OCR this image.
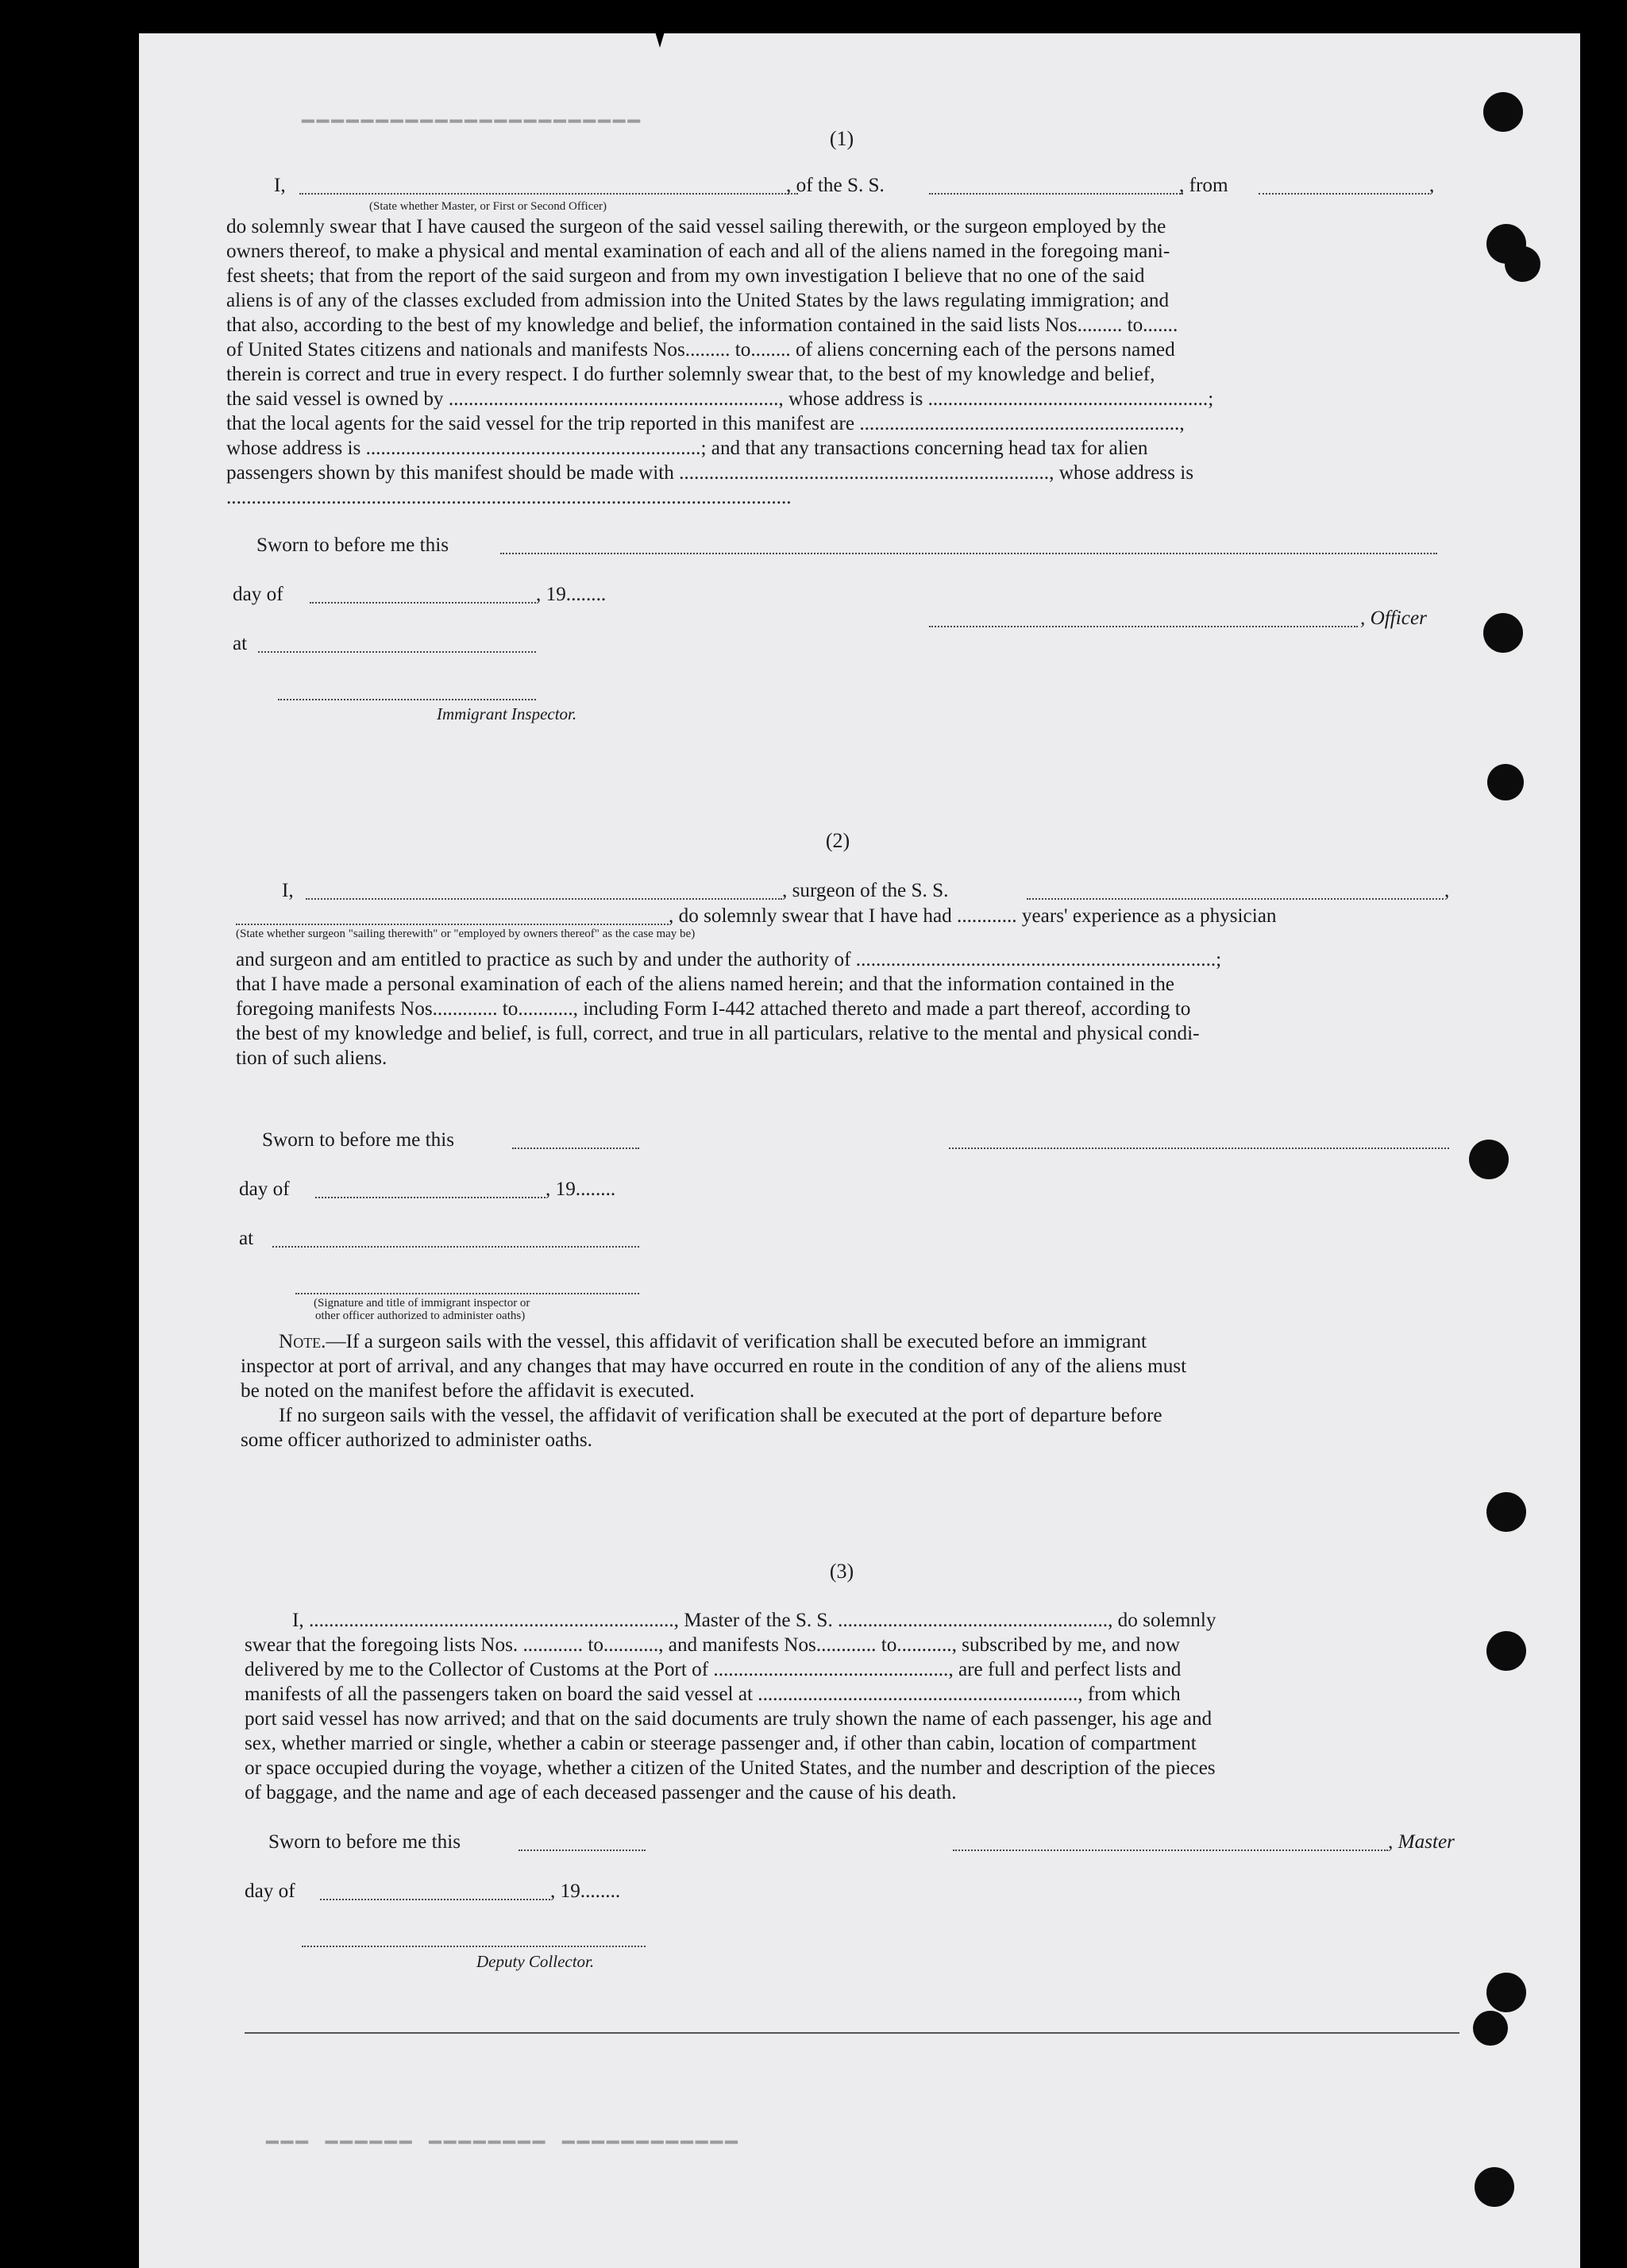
▔▔▔▔▔▔▔▔▔▔▔▔▔▔▔▔▔▔▔▔▔▔▔
▔▔▔ ▔▔▔▔▔▔ ▔▔▔▔▔▔▔▔ ▔▔▔▔▔▔▔▔▔▔▔▔
(1)
I,	, of the S. S.	, from	,
(State whether Master, or First or Second Officer)
do solemnly swear that I have caused the surgeon of the said vessel sailing therewith, or the surgeon employed by the
owners thereof, to make a physical and mental examination of each and all of the aliens named in the foregoing mani-
fest sheets; that from the report of the said surgeon and from my own investigation I believe that no one of the said
aliens is of any of the classes excluded from admission into the United States by the laws regulating immigration; and
that also, according to the best of my knowledge and belief, the information contained in the said lists Nos......... to.......
of United States citizens and nationals and manifests Nos......... to........ of aliens concerning each of the persons named
therein is correct and true in every respect. I do further solemnly swear that, to the best of my knowledge and belief,
the said vessel is owned by .................................................................., whose address is ........................................................;
that the local agents for the said vessel for the trip reported in this manifest are ................................................................,
whose address is ...................................................................; and that any transactions concerning head tax for alien
passengers shown by this manifest should be made with .........................................................................., whose address is
.................................................................................................................
Sworn to before me this
day of	, 19........
, Officer
at
Immigrant Inspector.
(2)
I,	, surgeon of the S. S.	,
, do solemnly swear that I have had ............ years' experience as a physician
(State whether surgeon "sailing therewith" or "employed by owners thereof" as the case may be)
and surgeon and am entitled to practice as such by and under the authority of ........................................................................;
that I have made a personal examination of each of the aliens named herein; and that the information contained in the
foregoing manifests Nos............. to..........., including Form I-442 attached thereto and made a part thereof, according to
the best of my knowledge and belief, is full, correct, and true in all particulars, relative to the mental and physical condi-
tion of such aliens.
Sworn to before me this
day of	, 19........
at
(Signature and title of immigrant inspector or
other officer authorized to administer oaths)
Note.—If a surgeon sails with the vessel, this affidavit of verification shall be executed before an immigrant
inspector at port of arrival, and any changes that may have occurred en route in the condition of any of the aliens must
be noted on the manifest before the affidavit is executed.
If no surgeon sails with the vessel, the affidavit of verification shall be executed at the port of departure before
some officer authorized to administer oaths.
(3)
I, ........................................................................., Master of the S. S. ......................................................, do solemnly
swear that the foregoing lists Nos. ............ to..........., and manifests Nos............ to..........., subscribed by me, and now
delivered by me to the Collector of Customs at the Port of ..............................................., are full and perfect lists and
manifests of all the passengers taken on board the said vessel at ................................................................, from which
port said vessel has now arrived; and that on the said documents are truly shown the name of each passenger, his age and
sex, whether married or single, whether a cabin or steerage passenger and, if other than cabin, location of compartment
or space occupied during the voyage, whether a citizen of the United States, and the number and description of the pieces
of baggage, and the name and age of each deceased passenger and the cause of his death.
Sworn to before me this	, Master
day of	, 19........
Deputy Collector.
